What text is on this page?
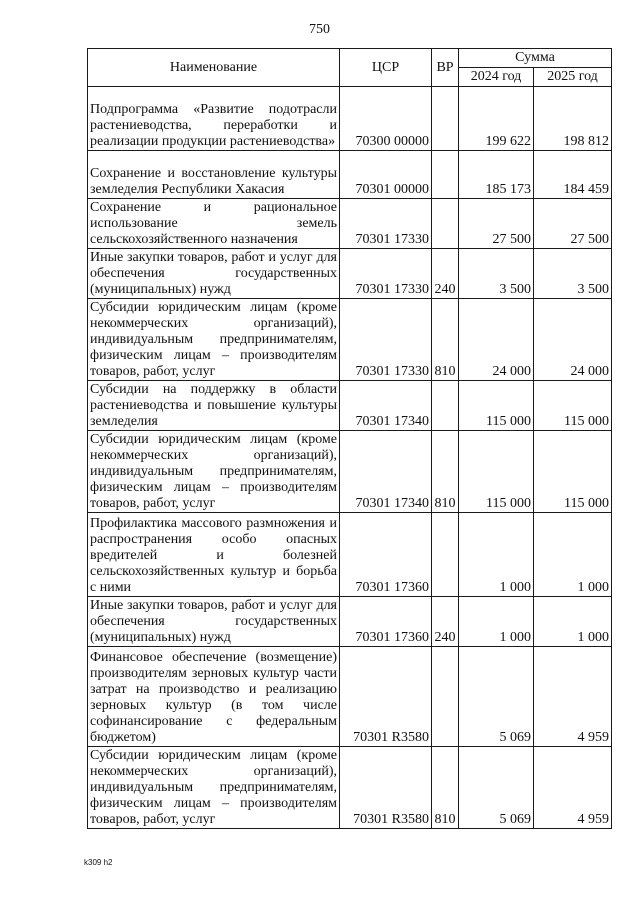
750
Наименование	ЦСР	ВР	Сумма	
			2024 год	2025 год
Подпрограмма «Развитие подотрасли растениеводства, переработки и реализации продукции растениеводства»	70300 00000		199 622	198 812
Сохранение и восстановление культуры земледелия Республики Хакасия	70301 00000		185 173	184 459
Сохранение и рациональное использование земель сельскохозяйственного назначения	70301 17330		27 500	27 500
Иные закупки товаров, работ и услуг для обеспечения государственных (муниципальных) нужд	70301 17330	240	3 500	3 500
Субсидии юридическим лицам (кроме некоммерческих организаций), индивидуальным предпринимателям, физическим лицам – производителям товаров, работ, услуг	70301 17330	810	24 000	24 000
Субсидии на поддержку в области растениеводства и повышение культуры земледелия	70301 17340		115 000	115 000
Субсидии юридическим лицам (кроме некоммерческих организаций), индивидуальным предпринимателям, физическим лицам – производителям товаров, работ, услуг	70301 17340	810	115 000	115 000
Профилактика массового размножения и распространения особо опасных вредителей и болезней сельскохозяйственных культур и борьба с ними	70301 17360		1 000	1 000
Иные закупки товаров, работ и услуг для обеспечения государственных (муниципальных) нужд	70301 17360	240	1 000	1 000
Финансовое обеспечение (возмещение) производителям зерновых культур части затрат на производство и реализацию зерновых культур (в том числе софинансирование с федеральным бюджетом)	70301 R3580		5 069	4 959
Субсидии юридическим лицам (кроме некоммерческих организаций), индивидуальным предпринимателям, физическим лицам – производителям товаров, работ, услуг	70301 R3580	810	5 069	4 959
k309 h2
